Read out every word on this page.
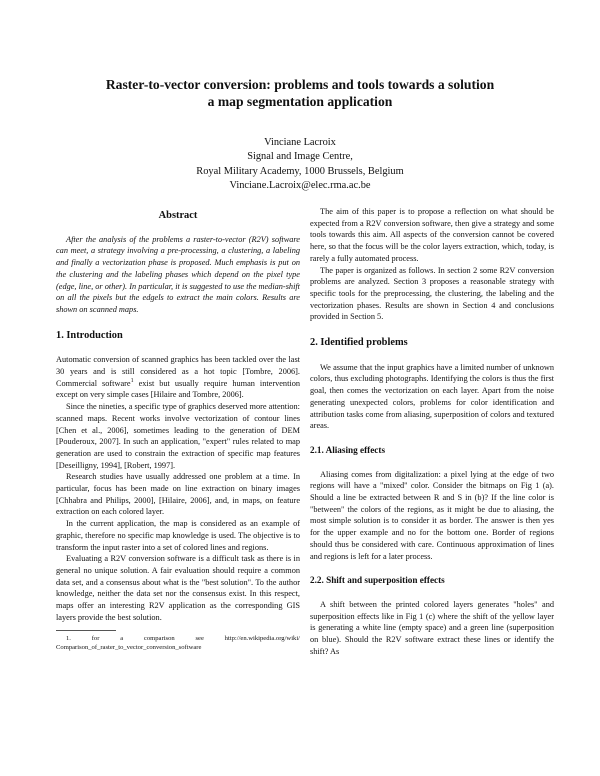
Raster-to-vector conversion: problems and tools towards a solution
a map segmentation application
Vinciane Lacroix
Signal and Image Centre,
Royal Military Academy, 1000 Brussels, Belgium
Vinciane.Lacroix@elec.rma.ac.be
Abstract

After the analysis of the problems a raster-to-vector (R2V) software can meet, a strategy involving a pre-processing, a clustering, a labeling and finally a vectorization phase is proposed. Much emphasis is put on the clustering and the labeling phases which depend on the pixel type (edge, line, or other). In particular, it is suggested to use the median-shift on all the pixels but the edgels to extract the main colors. Results are shown on scanned maps.

1. Introduction

Automatic conversion of scanned graphics has been tackled over the last 30 years and is still considered as a hot topic [Tombre, 2006]. Commercial software$^1$ exist but usually require human intervention except on very simple cases [Hilaire and Tombre, 2006].

Since the nineties, a specific type of graphics deserved more attention: scanned maps. Recent works involve vectorization of contour lines [Chen et al., 2006], sometimes leading to the generation of DEM [Pouderoux, 2007]. In such an application, "expert" rules related to map generation are used to constrain the extraction of specific map features [Deseilligny, 1994], [Robert, 1997].

Research studies have usually addressed one problem at a time. In particular, focus has been made on line extraction on binary images [Chhabra and Philips, 2000], [Hilaire, 2006], and, in maps, on feature extraction on each colored layer.

In the current application, the map is considered as an example of graphic, therefore no specific map knowledge is used. The objective is to transform the input raster into a set of colored lines and regions.

Evaluating a R2V conversion software is a difficult task as there is in general no unique solution. A fair evaluation should require a common data set, and a consensus about what is the "best solution". To the author knowledge, neither the data set nor the consensus exist. In this respect, maps offer an interesting R2V application as the corresponding GIS layers provide the best solution.

1. for a comparison see http://en.wikipedia.org/wiki/ Comparison_of_raster_to_vector_conversion_software

The aim of this paper is to propose a reflection on what should be expected from a R2V conversion software, then give a strategy and some tools towards this aim. All aspects of the conversion cannot be covered here, so that the focus will be the color layers extraction, which, today, is rarely a fully automated process.

The paper is organized as follows. In section 2 some R2V conversion problems are analyzed. Section 3 proposes a reasonable strategy with specific tools for the preprocessing, the clustering, the labeling and the vectorization phases. Results are shown in Section 4 and conclusions provided in Section 5.

2. Identified problems

We assume that the input graphics have a limited number of unknown colors, thus excluding photographs. Identifying the colors is thus the first goal, then comes the vectorization on each layer. Apart from the noise generating unexpected colors, problems for color identification and attribution tasks come from aliasing, superposition of colors and textured areas.

2.1. Aliasing effects

Aliasing comes from digitalization: a pixel lying at the edge of two regions will have a "mixed" color. Consider the bitmaps on Fig 1 (a). Should a line be extracted between R and S in (b)? If the line color is "between" the colors of the regions, as it might be due to aliasing, the most simple solution is to consider it as border. The answer is then yes for the upper example and no for the bottom one. Border of regions should thus be considered with care. Continuous approximation of lines and regions is left for a later process.

2.2. Shift and superposition effects

A shift between the printed colored layers generates "holes" and superposition effects like in Fig 1 (c) where the shift of the yellow layer is generating a white line (empty space) and a green line (superposition on blue). Should the R2V software extract these lines or identify the shift? As
